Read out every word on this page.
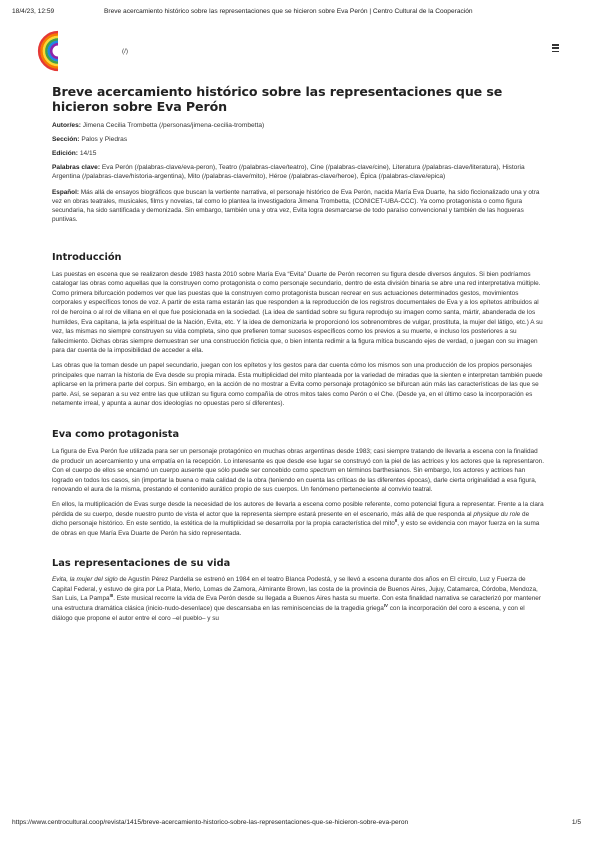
18/4/23, 12:59	Breve acercamiento histórico sobre las representaciones que se hicieron sobre Eva Perón | Centro Cultural de la Cooperación
(/)
Breve acercamiento histórico sobre las representaciones que se hicieron sobre Eva Perón

Autor/es: Jimena Cecilia Trombetta (/personas/jimena-cecilia-trombetta)

Sección: Palos y Piedras

Edición: 14/15

Palabras clave: Eva Perón (/palabras-clave/eva-peron), Teatro (/palabras-clave/teatro), Cine (/palabras-clave/cine), Literatura (/palabras-clave/literatura), Historia Argentina (/palabras-clave/historia-argentina), Mito (/palabras-clave/mito), Héroe (/palabras-clave/heroe), Épica (/palabras-clave/epica)

Español: Más allá de ensayos biográficos que buscan la vertiente narrativa, el personaje histórico de Eva Perón, nacida María Eva Duarte, ha sido ficcionalizado una y otra vez en obras teatrales, musicales, films y novelas, tal como lo plantea la investigadora Jimena Trombetta, (CONICET-UBA-CCC). Ya como protagonista o como figura secundaria, ha sido santificada y demonizada. Sin embargo, también una y otra vez, Evita logra desmarcarse de todo paraíso convencional y también de las hogueras puntivas.

Introducción

Las puestas en escena que se realizaron desde 1983 hasta 2010 sobre María Eva “Evita” Duarte de Perón recorren su figura desde diversos ángulos. Si bien podríamos catalogar las obras como aquellas que la construyen como protagonista o como personaje secundario, dentro de esta división binaria se abre una red interpretativa múltiple. Como primera bifurcación podemos ver que las puestas que la construyen como protagonista buscan recrear en sus actuaciones determinados gestos, movimientos corporales y específicos tonos de voz. A partir de esta rama estarán las que responden a la reproducción de los registros documentales de Eva y a los epítetos atribuidos al rol de heroína o al rol de villana en el que fue posicionada en la sociedad. (La idea de santidad sobre su figura reprodujo su imagen como santa, mártir, abanderada de los humildes, Eva capitana, la jefa espiritual de la Nación, Evita, etc. Y la idea de demonizarla le proporcionó los sobrenombres de vulgar, prostituta, la mujer del látigo, etc.) A su vez, las mismas no siempre construyen su vida completa, sino que prefieren tomar sucesos específicos como los previos a su muerte, e incluso los posteriores a su fallecimiento. Dichas obras siempre demuestran ser una construcción ficticia que, o bien intenta redimir a la figura mítica buscando ejes de verdad, o juegan con su imagen para dar cuenta de la imposibilidad de acceder a ella.

Las obras que la toman desde un papel secundario, juegan con los epítetos y los gestos para dar cuenta cómo los mismos son una producción de los propios personajes principales que narran la historia de Eva desde su propia mirada. Esta multiplicidad del mito planteada por la variedad de miradas que la sienten e interpretan también puede aplicarse en la primera parte del corpus. Sin embargo, en la acción de no mostrar a Evita como personaje protagónico se bifurcan aún más las características de las que se parte. Así, se separan a su vez entre las que utilizan su figura como compañía de otros mitos tales como Perón o el Che. (Desde ya, en el último caso la incorporación es netamente irreal, y apunta a aunar dos ideologías no opuestas pero sí diferentes).

Eva como protagonista

La figura de Eva Perón fue utilizada para ser un personaje protagónico en muchas obras argentinas desde 1983; casi siempre tratando de llevarla a escena con la finalidad de producir un acercamiento y una empatía en la recepción. Lo interesante es que desde ese lugar se construyó con la piel de las actrices y los actores que la representaron. Con el cuerpo de ellos se encarnó un cuerpo ausente que sólo puede ser concebido como spectrum en términos barthesianos. Sin embargo, los actores y actrices han logrado en todos los casos, sin (importar la buena o mala calidad de la obra (teniendo en cuenta las críticas de las diferentes épocas), darle cierta originalidad a esa figura, renovando el aura de la misma, prestando el contenido aurático propio de sus cuerpos. Un fenómeno perteneciente al convivio teatral.

En ellos, la multiplicación de Evas surge desde la necesidad de los autores de llevarla a escena como posible referente, como potencial figura a representar. Frente a la clara pérdida de su cuerpo, desde nuestro punto de vista el actor que la representa siempre estará presente en el escenario, más allá de que responda al physique du role de dicho personaje histórico. En este sentido, la estética de la multiplicidad se desarrolla por la propia característica del mito$^{II}$, y esto se evidencia con mayor fuerza en la suma de obras en que María Eva Duarte de Perón ha sido representada.

Las representaciones de su vida

Evita, la mujer del siglo de Agustín Pérez Pardella se estrenó en 1984 en el teatro Blanca Podestá, y se llevó a escena durante dos años en El círculo, Luz y Fuerza de Capital Federal, y estuvo de gira por La Plata, Merlo, Lomas de Zamora, Almirante Brown, las costa de la provincia de Buenos Aires, Jujuy, Catamarca, Córdoba, Mendoza, San Luis, La Pampa$^{III}$. Este musical recorre la vida de Eva Perón desde su llegada a Buenos Aires hasta su muerte. Con esta finalidad narrativa se caracterizó por mantener una estructura dramática clásica (inicio-nudo-desenlace) que descansaba en las reminiscencias de la tragedia griega$^{IV}$ con la incorporación del coro a escena, y con el diálogo que propone el autor entre el coro –el pueblo– y su

https://www.centrocultural.coop/revista/1415/breve-acercamiento-historico-sobre-las-representaciones-que-se-hicieron-sobre-eva-peron	1/5
